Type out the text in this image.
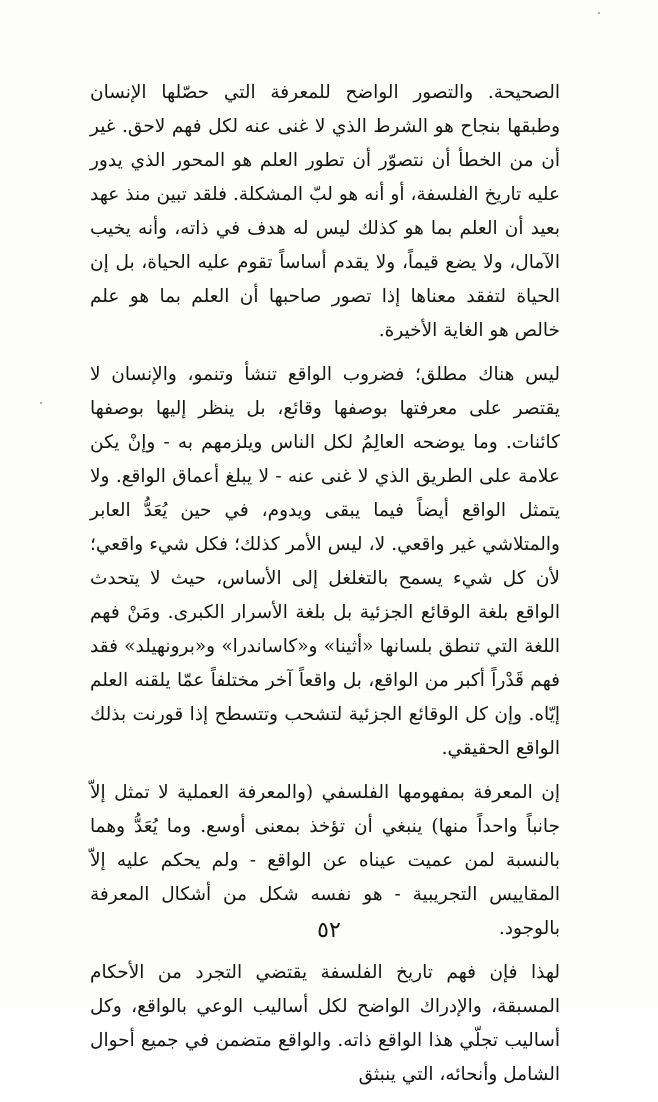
الصحيحة. والتصور الواضح للمعرفة التي حصّلها الإنسان وطبقها بنجاح هو الشرط الذي لا غنى عنه لكل فهم لاحق. غير أن من الخطأ أن نتصوّر أن تطور العلم هو المحور الذي يدور عليه تاريخ الفلسفة، أو أنه هو لبّ المشكلة. فلقد تبين منذ عهد بعيد أن العلم بما هو كذلك ليس له هدف في ذاته، وأنه يخيب الآمال، ولا يضع قيماً، ولا يقدم أساساً تقوم عليه الحياة، بل إن الحياة لتفقد معناها إذا تصور صاحبها أن العلم بما هو علم خالص هو الغاية الأخيرة.

ليس هناك مطلق؛ فضروب الواقع تنشأ وتنمو، والإنسان لا يقتصر على معرفتها بوصفها وقائع، بل ينظر إليها بوصفها كائنات. وما يوضحه العالِمُ لكل الناس ويلزمهم به - وإنْ يكن علامة على الطريق الذي لا غنى عنه - لا يبلغ أعماق الواقع. ولا يتمثل الواقع أيضاً فيما يبقى ويدوم، في حين يُعَدُّ العابر والمتلاشي غير واقعي. لا، ليس الأمر كذلك؛ فكل شيء واقعي؛ لأن كل شيء يسمح بالتغلغل إلى الأساس، حيث لا يتحدث الواقع بلغة الوقائع الجزئية بل بلغة الأسرار الكبرى. ومَنْ فهم اللغة التي تنطق بلسانها «أثينا» و«كاساندرا» و«برونهيلد» فقد فهم قَدْراً أكبر من الواقع، بل واقعاً آخر مختلفاً عمّا يلقنه العلم إيّاه. وإن كل الوقائع الجزئية لتشحب وتتسطح إذا قورنت بذلك الواقع الحقيقي.

إن المعرفة بمفهومها الفلسفي (والمعرفة العملية لا تمثل إلاّ جانباً واحداً منها) ينبغي أن تؤخذ بمعنى أوسع. وما يُعَدُّ وهما بالنسبة لمن عميت عيناه عن الواقع - ولم يحكم عليه إلاّ المقاييس التجريبية - هو نفسه شكل من أشكال المعرفة بالوجود.

لهذا فإن فهم تاريخ الفلسفة يقتضي التجرد من الأحكام المسبقة، والإدراك الواضح لكل أساليب الوعي بالواقع، وكل أساليب تجلّي هذا الواقع ذاته. والواقع متضمن في جميع أحوال الشامل وأنحائه، التي ينبثق

٥٢
